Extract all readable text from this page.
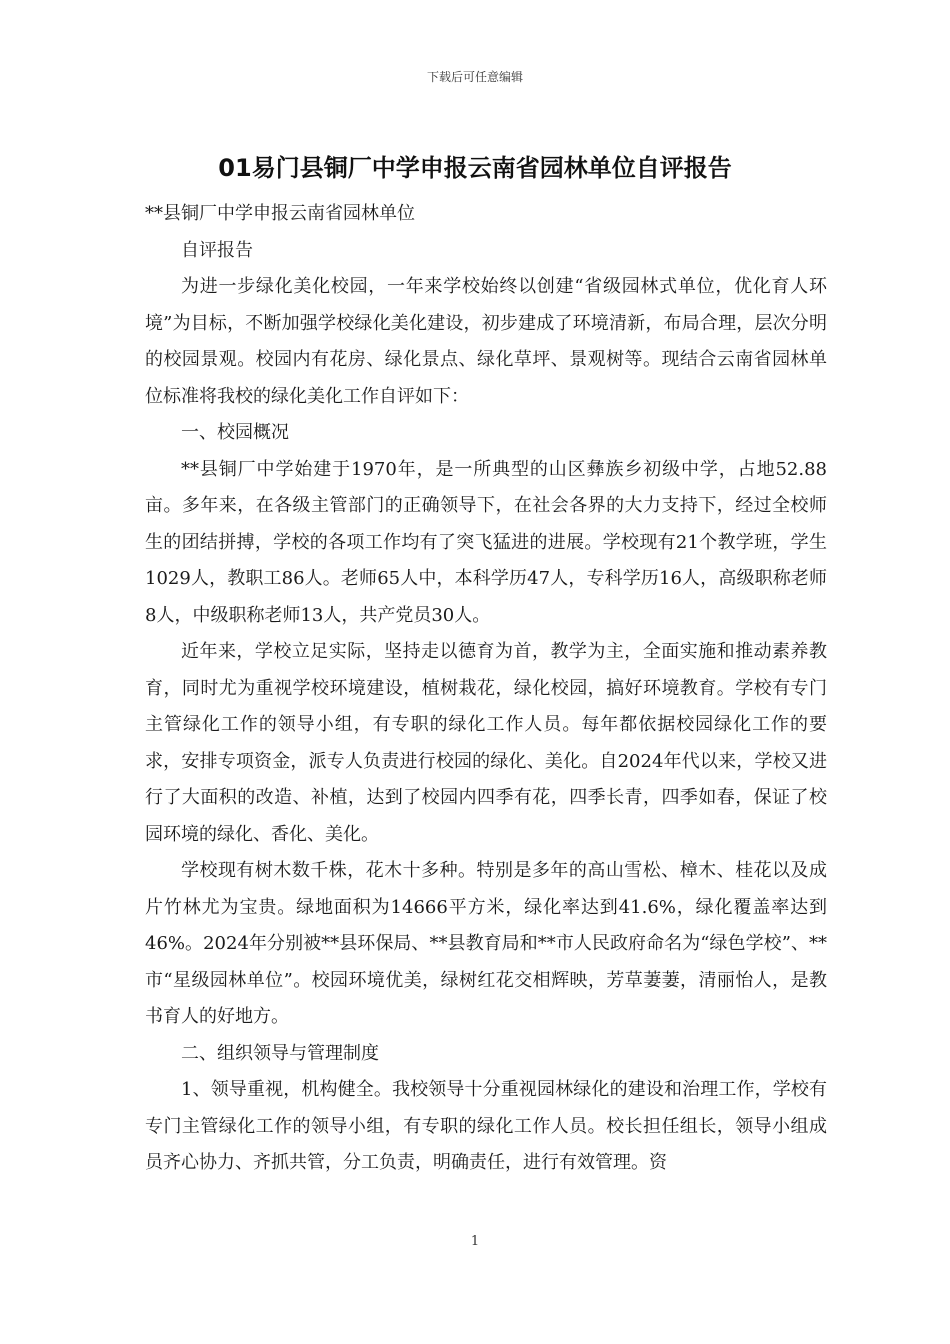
下载后可任意编辑
01易门县铜厂中学申报云南省园林单位自评报告

**县铜厂中学申报云南省园林单位

自评报告

为进一步绿化美化校园，一年来学校始终以创建“省级园林式单位，优化育人环境”为目标，不断加强学校绿化美化建设，初步建成了环境清新，布局合理，层次分明的校园景观。校园内有花房、绿化景点、绿化草坪、景观树等。现结合云南省园林单位标准将我校的绿化美化工作自评如下：

一、校园概况

**县铜厂中学始建于1970年，是一所典型的山区彝族乡初级中学，占地52.88亩。多年来，在各级主管部门的正确领导下，在社会各界的大力支持下，经过全校师生的团结拼搏，学校的各项工作均有了突飞猛进的进展。学校现有21个教学班，学生1029人，教职工86人。老师65人中，本科学历47人，专科学历16人，高级职称老师8人，中级职称老师13人，共产党员30人。

近年来，学校立足实际，坚持走以德育为首，教学为主，全面实施和推动素养教育，同时尤为重视学校环境建设，植树栽花，绿化校园，搞好环境教育。学校有专门主管绿化工作的领导小组，有专职的绿化工作人员。每年都依据校园绿化工作的要求，安排专项资金，派专人负责进行校园的绿化、美化。自2024年代以来，学校又进行了大面积的改造、补植，达到了校园内四季有花，四季长青，四季如春，保证了校园环境的绿化、香化、美化。

学校现有树木数千株，花木十多种。特别是多年的高山雪松、樟木、桂花以及成片竹林尤为宝贵。绿地面积为14666平方米，绿化率达到41.6%，绿化覆盖率达到46%。2024年分别被**县环保局、**县教育局和**市人民政府命名为“绿色学校”、**市“星级园林单位”。校园环境优美，绿树红花交相辉映，芳草萋萋，清丽怡人，是教书育人的好地方。

二、组织领导与管理制度

1、领导重视，机构健全。我校领导十分重视园林绿化的建设和治理工作，学校有专门主管绿化工作的领导小组，有专职的绿化工作人员。校长担任组长，领导小组成员齐心协力、齐抓共管，分工负责，明确责任，进行有效管理。资

1
